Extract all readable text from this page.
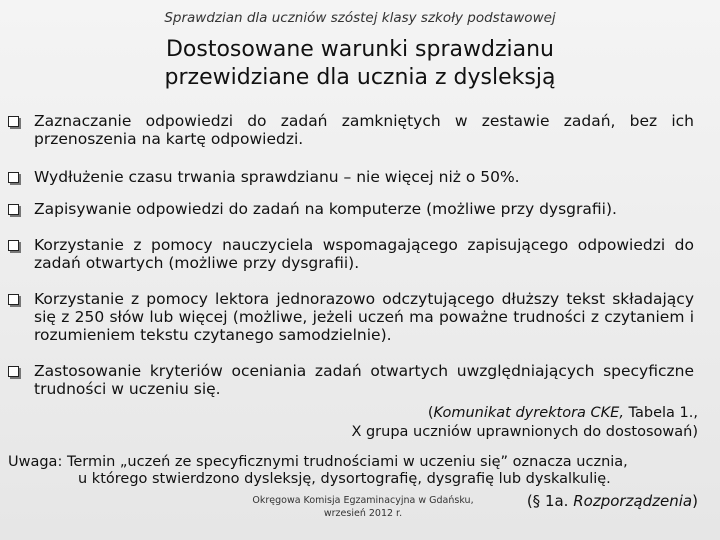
Sprawdzian dla uczniów szóstej klasy szkoły podstawowej
Dostosowane warunki sprawdzianu
przewidziane dla ucznia z dysleksją
Zaznaczanie odpowiedzi do zadań zamkniętych w zestawie zadań, bez ich przenoszenia na kartę odpowiedzi.
Wydłużenie czasu trwania sprawdzianu – nie więcej niż o 50%.
Zapisywanie odpowiedzi do zadań na komputerze (możliwe przy dysgrafii).
Korzystanie z pomocy nauczyciela wspomagającego zapisującego odpowiedzi do zadań otwartych (możliwe przy dysgrafii).
Korzystanie z pomocy lektora jednorazowo odczytującego dłuższy tekst składający się z 250 słów lub więcej (możliwe, jeżeli uczeń ma poważne trudności z czytaniem i rozumieniem tekstu czytanego samodzielnie).
Zastosowanie kryteriów oceniania zadań otwartych uwzględniających specyficzne trudności w uczeniu się.
(Komunikat dyrektora CKE, Tabela 1.,
X grupa uczniów uprawnionych do dostosowań)
Uwaga: Termin „uczeń ze specyficznymi trudnościami w uczeniu się” oznacza ucznia,
u którego stwierdzono dysleksję, dysortografię, dysgrafię lub dyskalkulię.
Okręgowa Komisja Egzaminacyjna w Gdańsku,
wrzesień 2012 r.
(§ 1a. Rozporządzenia)
